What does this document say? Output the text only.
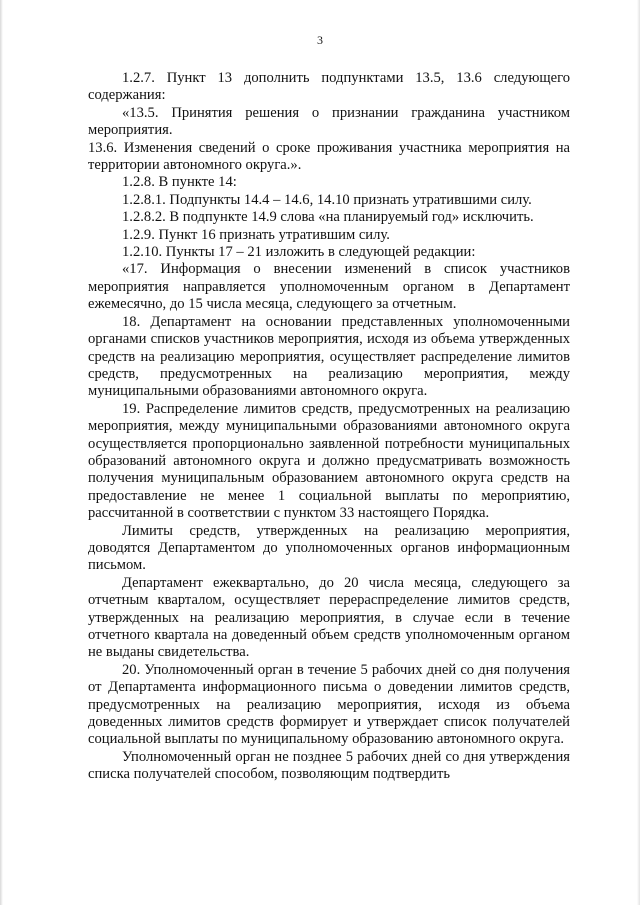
3

1.2.7. Пункт 13 дополнить подпунктами 13.5, 13.6 следующего содержания:

«13.5. Принятия решения о признании гражданина участником мероприятия.

13.6. Изменения сведений о сроке проживания участника мероприятия на территории автономного округа.».

1.2.8. В пункте 14:

1.2.8.1. Подпункты 14.4 – 14.6, 14.10 признать утратившими силу.

1.2.8.2. В подпункте 14.9 слова «на планируемый год» исключить.

1.2.9. Пункт 16 признать утратившим силу.

1.2.10. Пункты 17 – 21 изложить в следующей редакции:

«17. Информация о внесении изменений в список участников мероприятия направляется уполномоченным органом в Департамент ежемесячно, до 15 числа месяца, следующего за отчетным.

18. Департамент на основании представленных уполномоченными органами списков участников мероприятия, исходя из объема утвержденных средств на реализацию мероприятия, осуществляет распределение лимитов средств, предусмотренных на реализацию мероприятия, между муниципальными образованиями автономного округа.

19. Распределение лимитов средств, предусмотренных на реализацию мероприятия, между муниципальными образованиями автономного округа осуществляется пропорционально заявленной потребности муниципальных образований автономного округа и должно предусматривать возможность получения муниципальным образованием автономного округа средств на предоставление не менее 1 социальной выплаты по мероприятию, рассчитанной в соответствии с пунктом 33 настоящего Порядка.

Лимиты средств, утвержденных на реализацию мероприятия, доводятся Департаментом до уполномоченных органов информационным письмом.

Департамент ежеквартально, до 20 числа месяца, следующего за отчетным кварталом, осуществляет перераспределение лимитов средств, утвержденных на реализацию мероприятия, в случае если в течение отчетного квартала на доведенный объем средств уполномоченным органом не выданы свидетельства.

20. Уполномоченный орган в течение 5 рабочих дней со дня получения от Департамента информационного письма о доведении лимитов средств, предусмотренных на реализацию мероприятия, исходя из объема доведенных лимитов средств формирует и утверждает список получателей социальной выплаты по муниципальному образованию автономного округа.

Уполномоченный орган не позднее 5 рабочих дней со дня утверждения списка получателей способом, позволяющим подтвердить
